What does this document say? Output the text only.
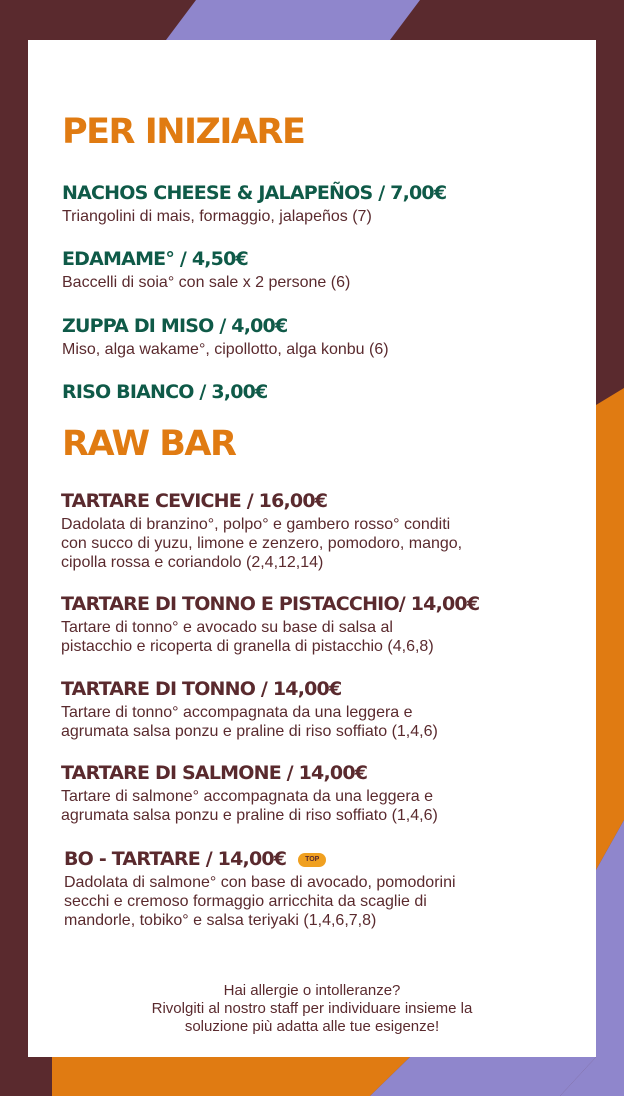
PER INIZIARE
NACHOS CHEESE & JALAPEÑOS / 7,00€
Triangolini di mais, formaggio, jalapeños (7)
EDAMAME° / 4,50€
Baccelli di soia° con sale x 2 persone (6)
ZUPPA DI MISO / 4,00€
Miso, alga wakame°, cipollotto, alga konbu (6)
RISO BIANCO / 3,00€
RAW BAR
TARTARE CEVICHE / 16,00€
Dadolata di branzino°, polpo° e gambero rosso° conditi
con succo di yuzu, limone e zenzero, pomodoro, mango,
cipolla rossa e coriandolo (2,4,12,14)
TARTARE DI TONNO E PISTACCHIO/ 14,00€
Tartare di tonno° e avocado su base di salsa al
pistacchio e ricoperta di granella di pistacchio (4,6,8)
TARTARE DI TONNO / 14,00€
Tartare di tonno° accompagnata da una leggera e
agrumata salsa ponzu e praline di riso soffiato (1,4,6)
TARTARE DI SALMONE / 14,00€
Tartare di salmone° accompagnata da una leggera e
agrumata salsa ponzu e praline di riso soffiato (1,4,6)
BO - TARTARE / 14,00€	TOP
Dadolata di salmone° con base di avocado, pomodorini
secchi e cremoso formaggio arricchita da scaglie di
mandorle, tobiko° e salsa teriyaki (1,4,6,7,8)
Hai allergie o intolleranze?
Rivolgiti al nostro staff per individuare insieme la
soluzione più adatta alle tue esigenze!
